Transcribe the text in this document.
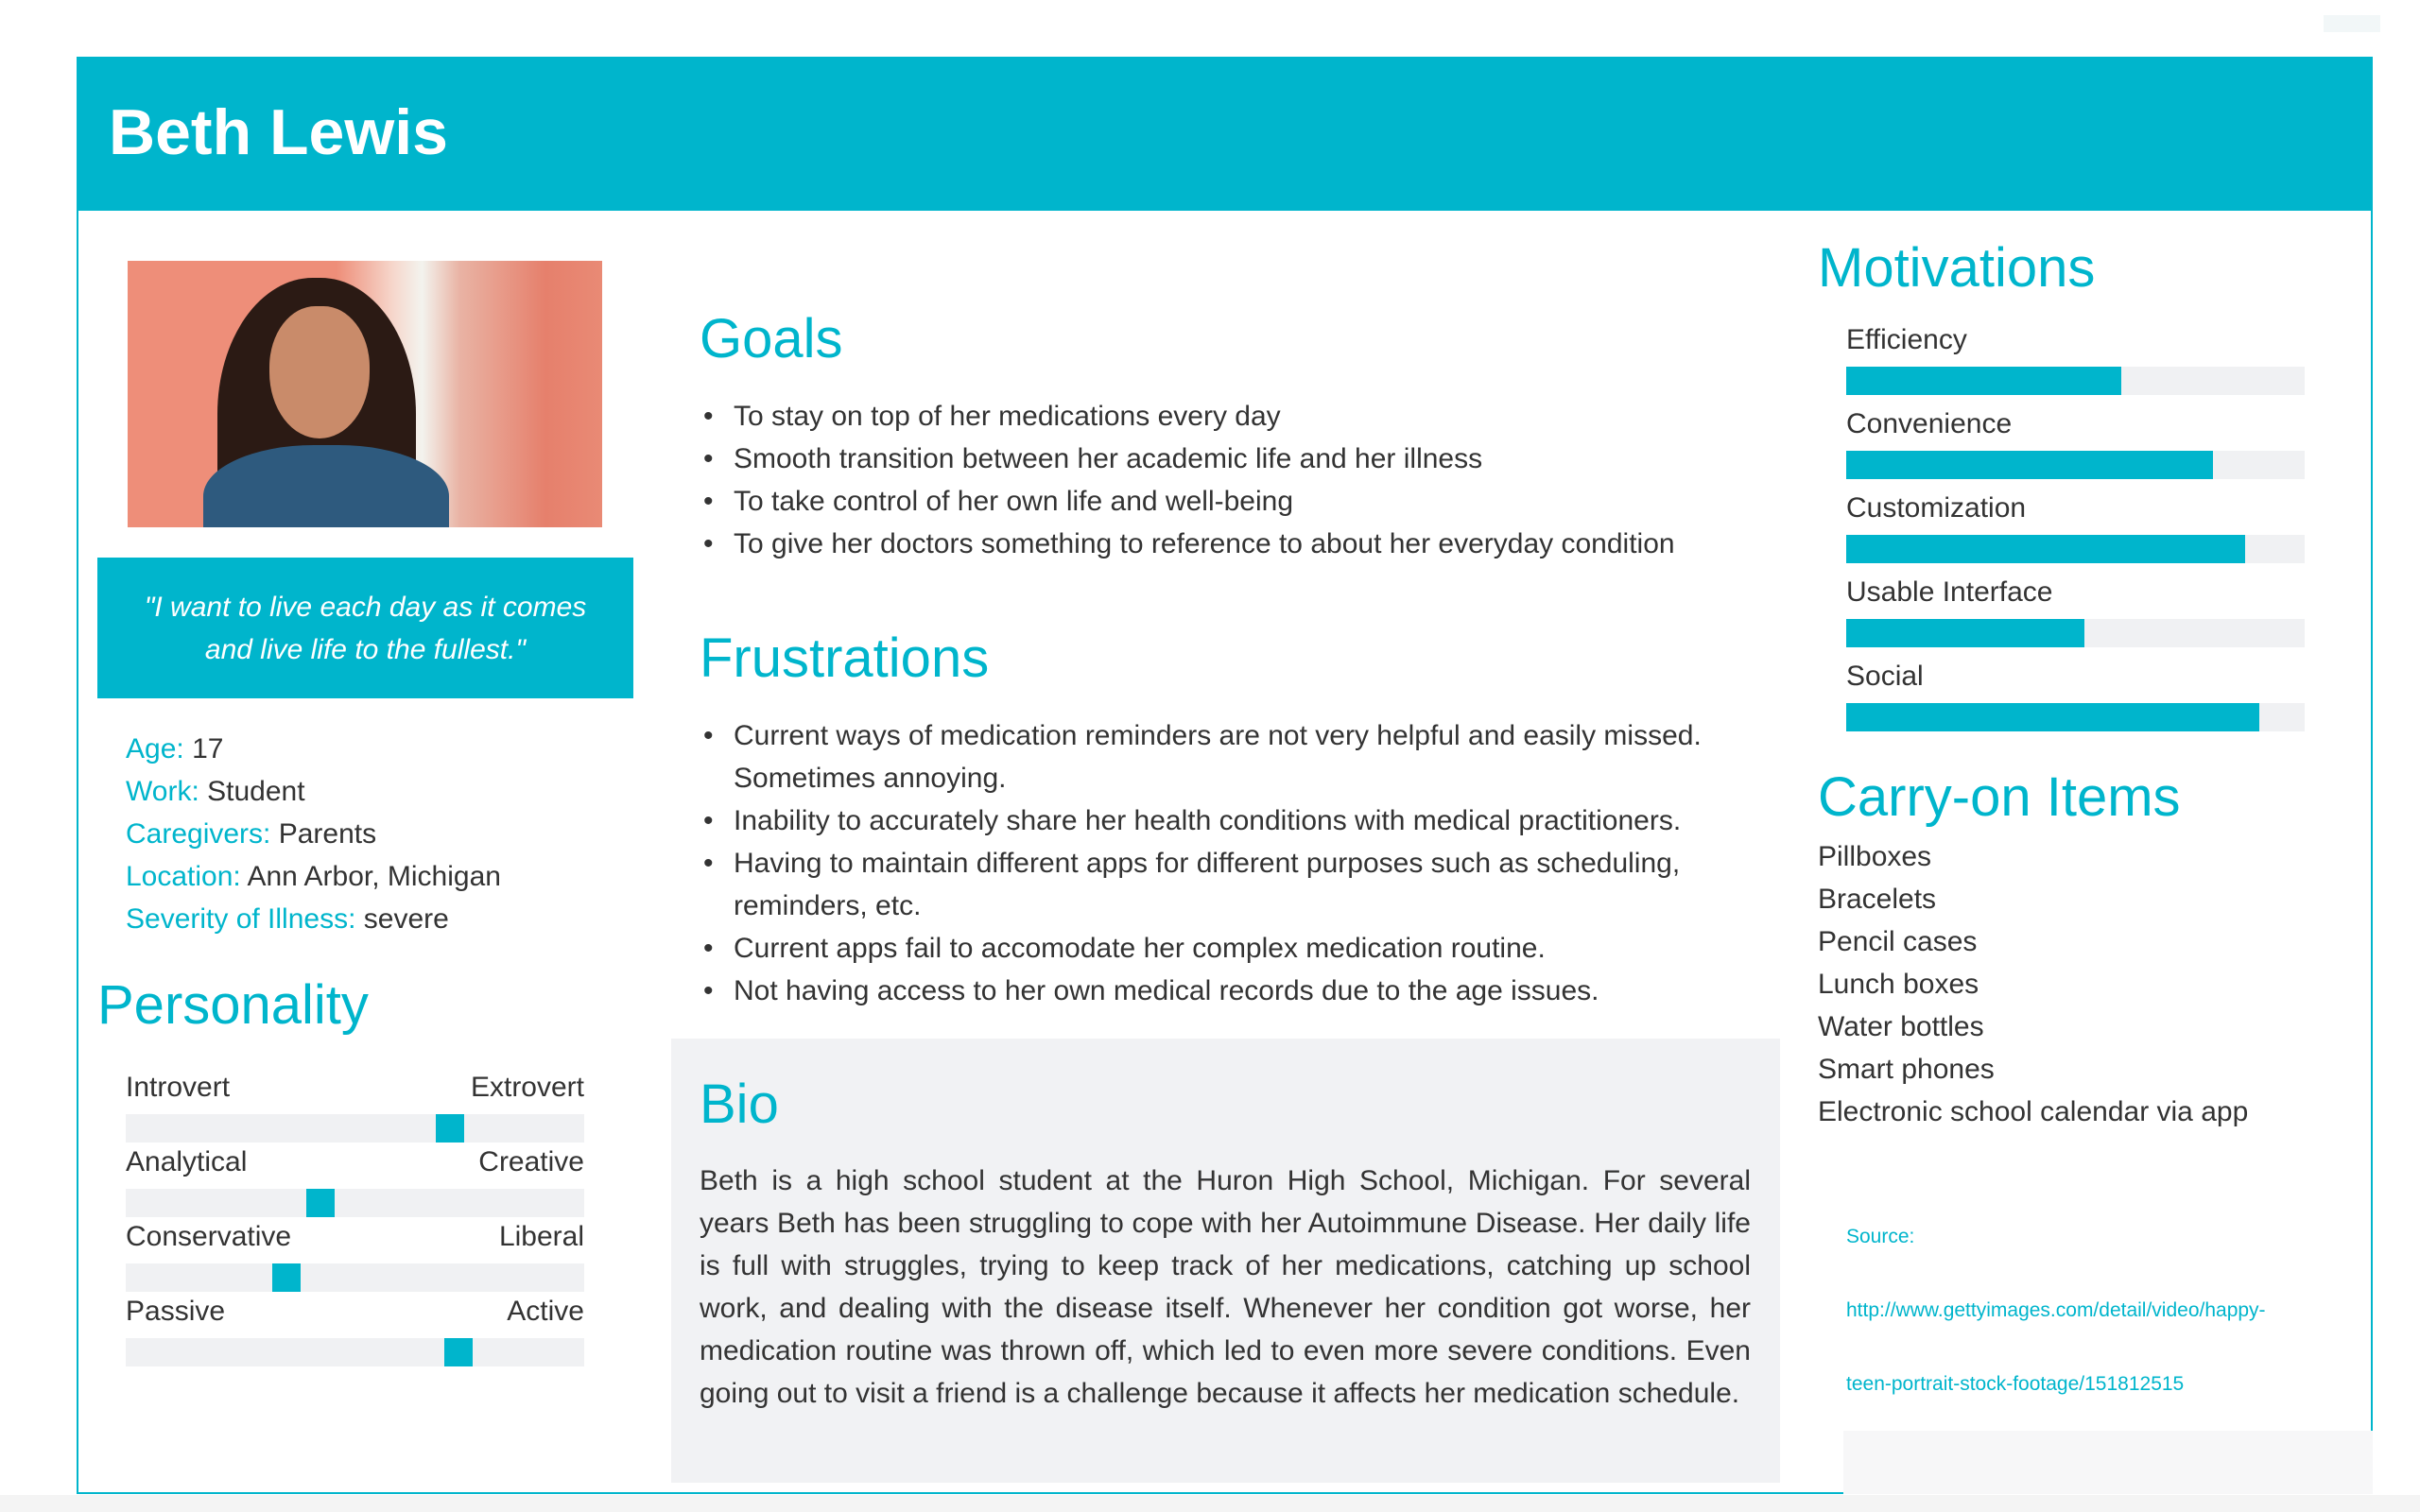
Beth Lewis
"I want to live each day as it comes and live life to the fullest."
Age: 17
Work: Student
Caregivers: Parents
Location: Ann Arbor, Michigan
Severity of Illness: severe
Personality
Introvert	Extrovert
Analytical	Creative
Conservative	Liberal
Passive	Active
Goals
• To stay on top of her medications every day
• Smooth transition between her academic life and her illness
• To take control of her own life and well-being
• To give her doctors something to reference to about her everyday condition
Frustrations
• Current ways of medication reminders are not very helpful and easily missed. Sometimes annoying.
• Inability to accurately share her health conditions with medical practitioners.
• Having to maintain different apps for different purposes such as scheduling, reminders, etc.
• Current apps fail to accomodate her complex medication routine.
• Not having access to her own medical records due to the age issues.
Bio
Beth is a high school student at the Huron High School, Michigan. For several years Beth has been struggling to cope with her Autoimmune Disease. Her daily life is full with struggles, trying to keep track of her medications, catching up school work, and dealing with the disease itself. Whenever her condition got worse, her medication routine was thrown off, which led to even more severe conditions. Even going out to visit a friend is a challenge because it affects her medication schedule.
Motivations
Efficiency
Convenience
Customization
Usable Interface
Social
Carry-on Items
Pillboxes
Bracelets
Pencil cases
Lunch boxes
Water bottles
Smart phones
Electronic school calendar via app
Source:
http://www.gettyimages.com/detail/video/happy-
teen-portrait-stock-footage/151812515
